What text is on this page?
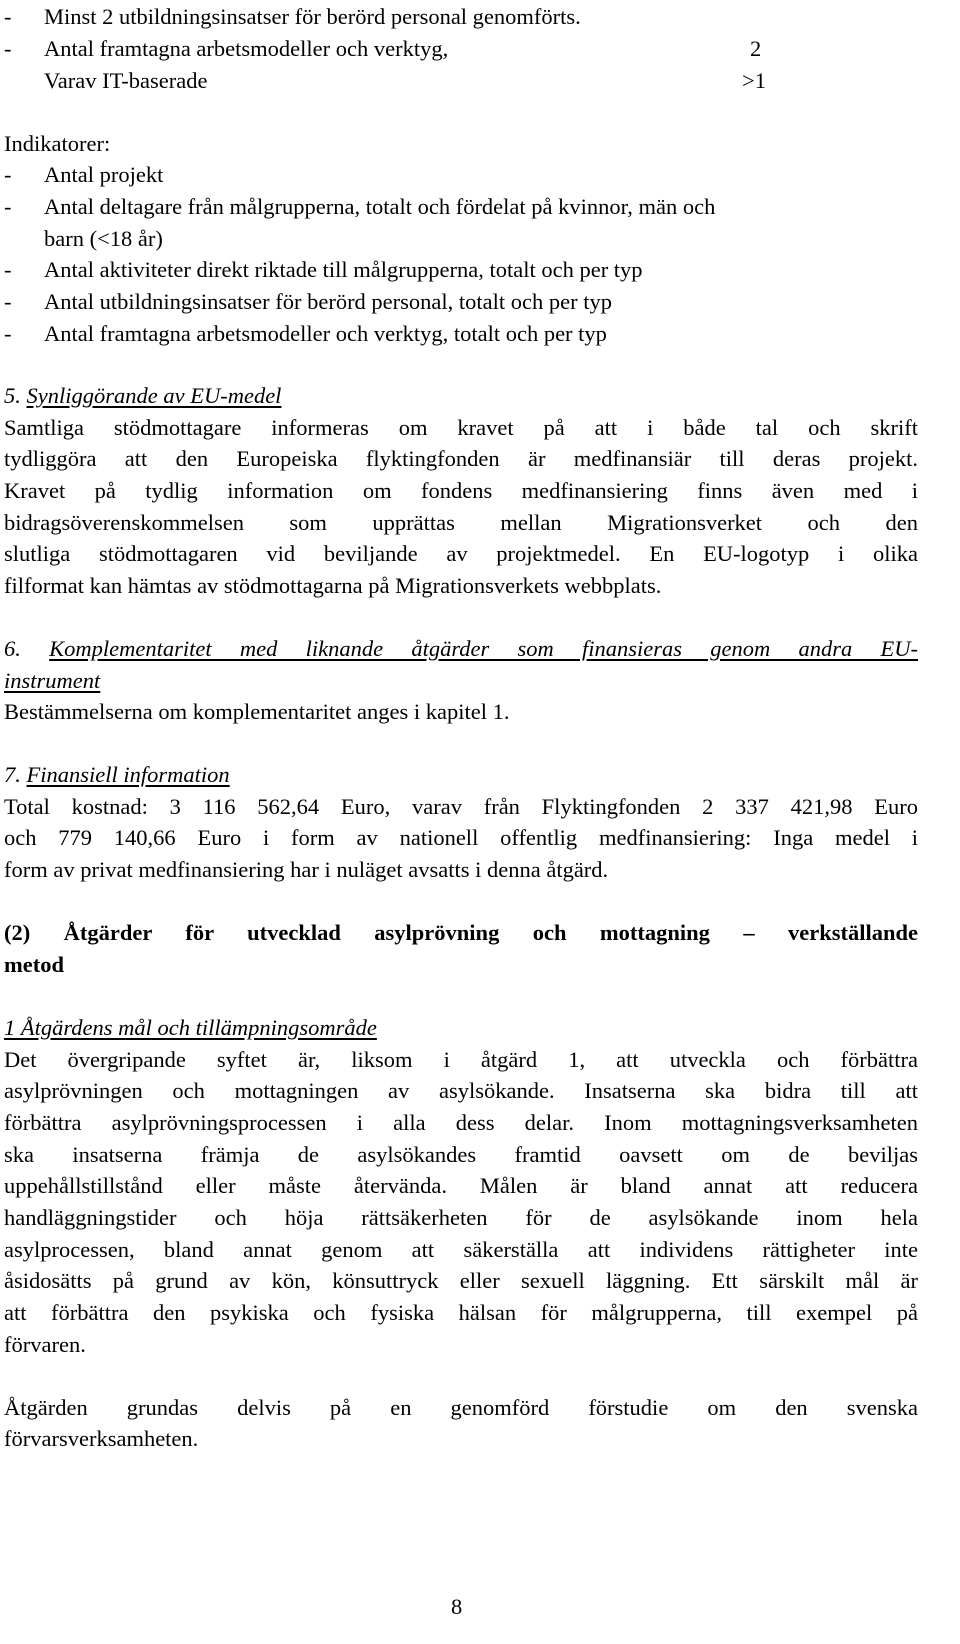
- Minst 2 utbildningsinsatser för berörd personal genomförts.
- Antal framtagna arbetsmodeller och verktyg,	2
Varav IT-baserade	>1
Indikatorer:
- Antal projekt
- Antal deltagare från målgrupperna, totalt och fördelat på kvinnor, män och
barn (<18 år)
- Antal aktiviteter direkt riktade till målgrupperna, totalt och per typ
- Antal utbildningsinsatser för berörd personal, totalt och per typ
- Antal framtagna arbetsmodeller och verktyg, totalt och per typ
5. Synliggörande av EU-medel
Samtliga stödmottagare informeras om kravet på att i både tal och skrift
tydliggöra att den Europeiska flyktingfonden är medfinansiär till deras projekt.
Kravet på tydlig information om fondens medfinansiering finns även med i
bidragsöverenskommelsen som upprättas mellan Migrationsverket och den
slutliga stödmottagaren vid beviljande av projektmedel. En EU-logotyp i olika
filformat kan hämtas av stödmottagarna på Migrationsverkets webbplats.
6. Komplementaritet med liknande åtgärder som finansieras genom andra EU-
instrument
Bestämmelserna om komplementaritet anges i kapitel 1.
7. Finansiell information
Total kostnad: 3 116 562,64 Euro, varav från Flyktingfonden 2 337 421,98 Euro
och 779 140,66 Euro i form av nationell offentlig medfinansiering: Inga medel i
form av privat medfinansiering har i nuläget avsatts i denna åtgärd.
(2) Åtgärder för utvecklad asylprövning och mottagning – verkställande
metod
1 Åtgärdens mål och tillämpningsområde
Det övergripande syftet är, liksom i åtgärd 1, att utveckla och förbättra
asylprövningen och mottagningen av asylsökande. Insatserna ska bidra till att
förbättra asylprövningsprocessen i alla dess delar. Inom mottagningsverksamheten
ska insatserna främja de asylsökandes framtid oavsett om de beviljas
uppehållstillstånd eller måste återvända. Målen är bland annat att reducera
handläggningstider och höja rättsäkerheten för de asylsökande inom hela
asylprocessen, bland annat genom att säkerställa att individens rättigheter inte
åsidosätts på grund av kön, könsuttryck eller sexuell läggning. Ett särskilt mål är
att förbättra den psykiska och fysiska hälsan för målgrupperna, till exempel på
förvaren.
Åtgärden grundas delvis på en genomförd förstudie om den svenska
förvarsverksamheten.
8
